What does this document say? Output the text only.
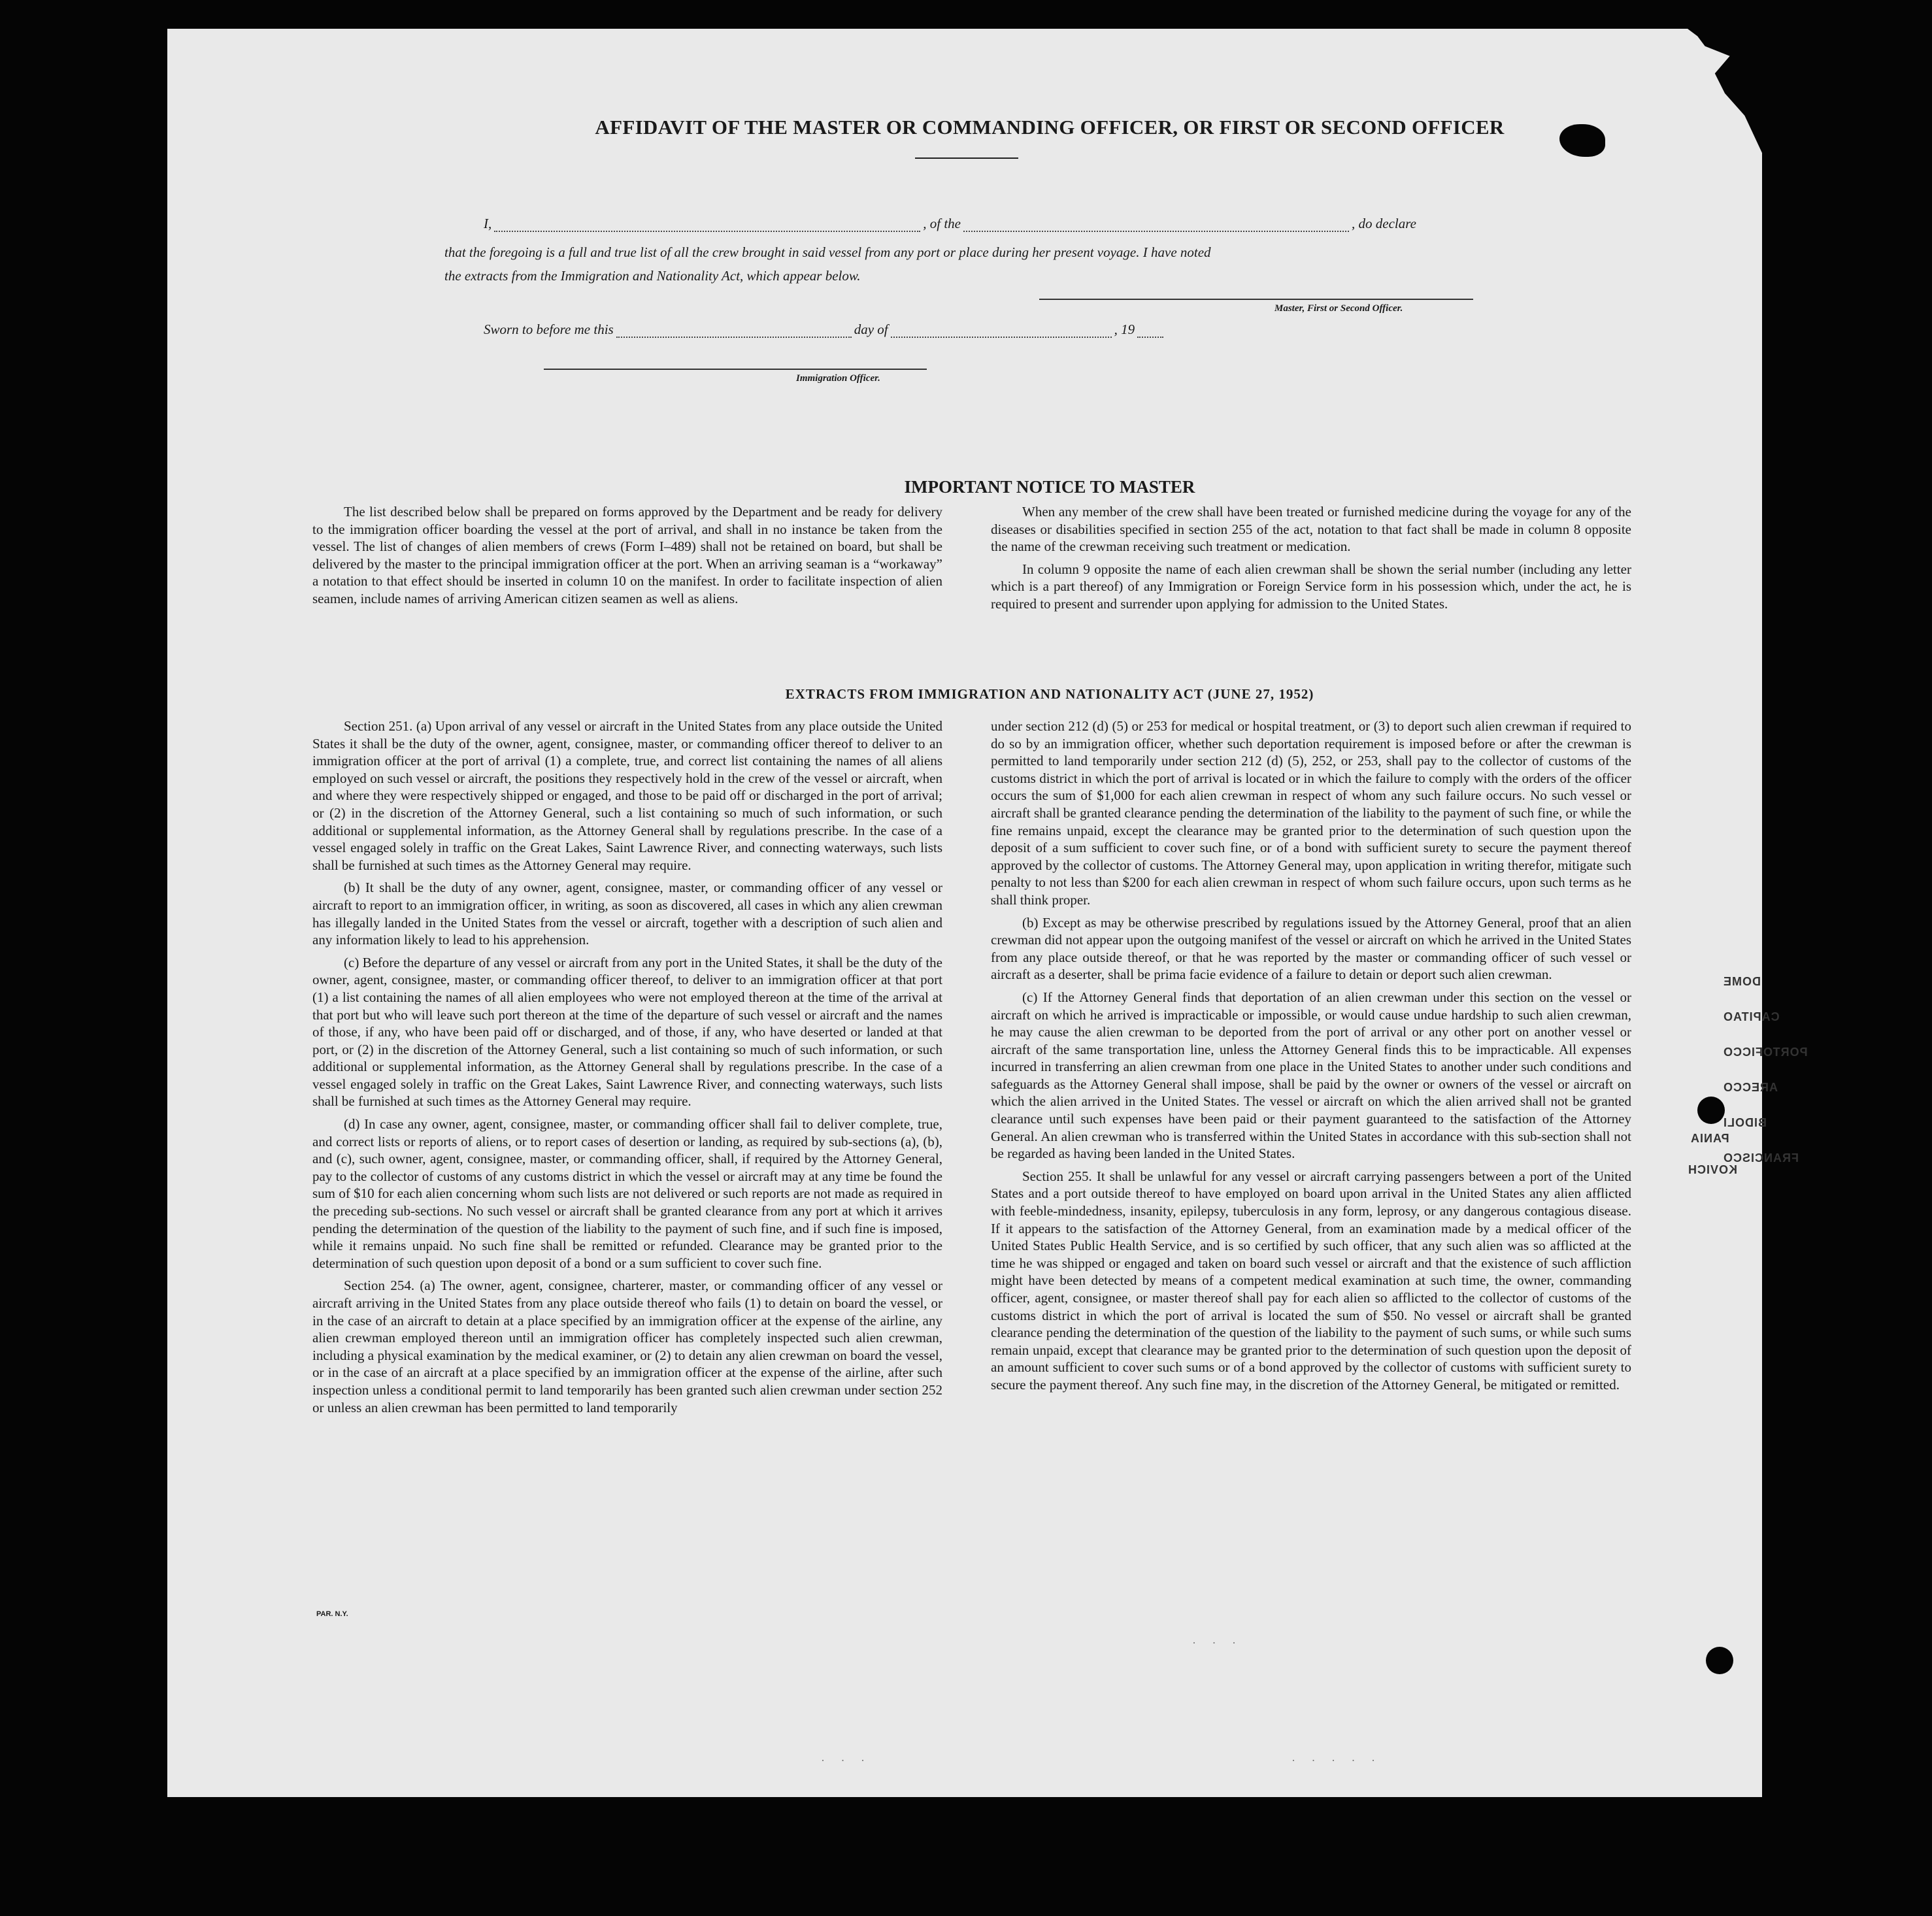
AFFIDAVIT OF THE MASTER OR COMMANDING OFFICER, OR FIRST OR SECOND OFFICER
I,	, of the	, do declare
that the foregoing is a full and true list of all the crew brought in said vessel from any port or place during her present voyage. I have noted
the extracts from the Immigration and Nationality Act, which appear below.
Master, First or Second Officer.
Sworn to before me this	day of	, 19
Immigration Officer.
IMPORTANT NOTICE TO MASTER

The list described below shall be prepared on forms approved by the Department and be ready for delivery to the immigration officer boarding the vessel at the port of arrival, and shall in no instance be taken from the vessel. The list of changes of alien members of crews (Form I–489) shall not be retained on board, but shall be delivered by the master to the principal immigration officer at the port. When an arriving seaman is a “workaway” a notation to that effect should be inserted in column 10 on the manifest. In order to facilitate inspection of alien seamen, include names of arriving American citizen seamen as well as aliens.

When any member of the crew shall have been treated or furnished medicine during the voyage for any of the diseases or disabilities specified in section 255 of the act, notation to that fact shall be made in column 8 opposite the name of the crewman receiving such treatment or medication.

In column 9 opposite the name of each alien crewman shall be shown the serial number (including any letter which is a part thereof) of any Immigration or Foreign Service form in his possession which, under the act, he is required to present and surrender upon applying for admission to the United States.

EXTRACTS FROM IMMIGRATION AND NATIONALITY ACT (JUNE 27, 1952)

Section 251. (a) Upon arrival of any vessel or aircraft in the United States from any place outside the United States it shall be the duty of the owner, agent, consignee, master, or commanding officer thereof to deliver to an immigration officer at the port of arrival (1) a complete, true, and correct list containing the names of all aliens employed on such vessel or aircraft, the positions they respectively hold in the crew of the vessel or aircraft, when and where they were respectively shipped or engaged, and those to be paid off or discharged in the port of arrival; or (2) in the discretion of the Attorney General, such a list containing so much of such information, or such additional or supplemental information, as the Attorney General shall by regulations prescribe. In the case of a vessel engaged solely in traffic on the Great Lakes, Saint Lawrence River, and connecting waterways, such lists shall be furnished at such times as the Attorney General may require.

(b) It shall be the duty of any owner, agent, consignee, master, or commanding officer of any vessel or aircraft to report to an immigration officer, in writing, as soon as discovered, all cases in which any alien crewman has illegally landed in the United States from the vessel or aircraft, together with a description of such alien and any information likely to lead to his apprehension.

(c) Before the departure of any vessel or aircraft from any port in the United States, it shall be the duty of the owner, agent, consignee, master, or commanding officer thereof, to deliver to an immigration officer at that port (1) a list containing the names of all alien employees who were not employed thereon at the time of the arrival at that port but who will leave such port thereon at the time of the departure of such vessel or aircraft and the names of those, if any, who have been paid off or discharged, and of those, if any, who have deserted or landed at that port, or (2) in the discretion of the Attorney General, such a list containing so much of such information, or such additional or supplemental information, as the Attorney General shall by regulations prescribe. In the case of a vessel engaged solely in traffic on the Great Lakes, Saint Lawrence River, and connecting waterways, such lists shall be furnished at such times as the Attorney General may require.

(d) In case any owner, agent, consignee, master, or commanding officer shall fail to deliver complete, true, and correct lists or reports of aliens, or to report cases of desertion or landing, as required by sub-sections (a), (b), and (c), such owner, agent, consignee, master, or commanding officer, shall, if required by the Attorney General, pay to the collector of customs of any customs district in which the vessel or aircraft may at any time be found the sum of $10 for each alien concerning whom such lists are not delivered or such reports are not made as required in the preceding sub-sections. No such vessel or aircraft shall be granted clearance from any port at which it arrives pending the determination of the question of the liability to the payment of such fine, and if such fine is imposed, while it remains unpaid. No such fine shall be remitted or refunded. Clearance may be granted prior to the determination of such question upon deposit of a bond or a sum sufficient to cover such fine.

Section 254. (a) The owner, agent, consignee, charterer, master, or commanding officer of any vessel or aircraft arriving in the United States from any place outside thereof who fails (1) to detain on board the vessel, or in the case of an aircraft to detain at a place specified by an immigration officer at the expense of the airline, any alien crewman employed thereon until an immigration officer has completely inspected such alien crewman, including a physical examination by the medical examiner, or (2) to detain any alien crewman on board the vessel, or in the case of an aircraft at a place specified by an immigration officer at the expense of the airline, after such inspection unless a conditional permit to land temporarily has been granted such alien crewman under section 252 or unless an alien crewman has been permitted to land temporarily

under section 212 (d) (5) or 253 for medical or hospital treatment, or (3) to deport such alien crewman if required to do so by an immigration officer, whether such deportation requirement is imposed before or after the crewman is permitted to land temporarily under section 212 (d) (5), 252, or 253, shall pay to the collector of customs of the customs district in which the port of arrival is located or in which the failure to comply with the orders of the officer occurs the sum of $1,000 for each alien crewman in respect of whom any such failure occurs. No such vessel or aircraft shall be granted clearance pending the determination of the liability to the payment of such fine, or while the fine remains unpaid, except the clearance may be granted prior to the determination of such question upon the deposit of a sum sufficient to cover such fine, or of a bond with sufficient surety to secure the payment thereof approved by the collector of customs. The Attorney General may, upon application in writing therefor, mitigate such penalty to not less than $200 for each alien crewman in respect of whom such failure occurs, upon such terms as he shall think proper.

(b) Except as may be otherwise prescribed by regulations issued by the Attorney General, proof that an alien crewman did not appear upon the outgoing manifest of the vessel or aircraft on which he arrived in the United States from any place outside thereof, or that he was reported by the master or commanding officer of such vessel or aircraft as a deserter, shall be prima facie evidence of a failure to detain or deport such alien crewman.

(c) If the Attorney General finds that deportation of an alien crewman under this section on the vessel or aircraft on which he arrived is impracticable or impossible, or would cause undue hardship to such alien crewman, he may cause the alien crewman to be deported from the port of arrival or any other port on another vessel or aircraft of the same transportation line, unless the Attorney General finds this to be impracticable. All expenses incurred in transferring an alien crewman from one place in the United States to another under such conditions and safeguards as the Attorney General shall impose, shall be paid by the owner or owners of the vessel or aircraft on which the alien arrived in the United States. The vessel or aircraft on which the alien arrived shall not be granted clearance until such expenses have been paid or their payment guaranteed to the satisfaction of the Attorney General. An alien crewman who is transferred within the United States in accordance with this sub-section shall not be regarded as having been landed in the United States.

Section 255. It shall be unlawful for any vessel or aircraft carrying passengers between a port of the United States and a port outside thereof to have employed on board upon arrival in the United States any alien afflicted with feeble-mindedness, insanity, epilepsy, tuberculosis in any form, leprosy, or any dangerous contagious disease. If it appears to the satisfaction of the Attorney General, from an examination made by a medical officer of the United States Public Health Service, and is so certified by such officer, that any such alien was so afflicted at the time he was shipped or engaged and taken on board such vessel or aircraft and that the existence of such affliction might have been detected by means of a competent medical examination at such time, the owner, commanding officer, agent, consignee, or master thereof shall pay for each alien so afflicted to the collector of customs of the customs district in which the port of arrival is located the sum of $50. No vessel or aircraft shall be granted clearance pending the determination of the question of the liability to the payment of such sums, or while such sums remain unpaid, except that clearance may be granted prior to the determination of such question upon the deposit of an amount sufficient to cover such sums or of a bond approved by the collector of customs with sufficient surety to secure the payment thereof. Any such fine may, in the discretion of the Attorney General, be mitigated or remitted.

PAR. N.Y.
· · ·
· · ·	· · · · ·
DOME
CAPITAO
PORTOFICCO
ARECCO
BIDOLI
PANIA
FRANCISCO
KOVICH
